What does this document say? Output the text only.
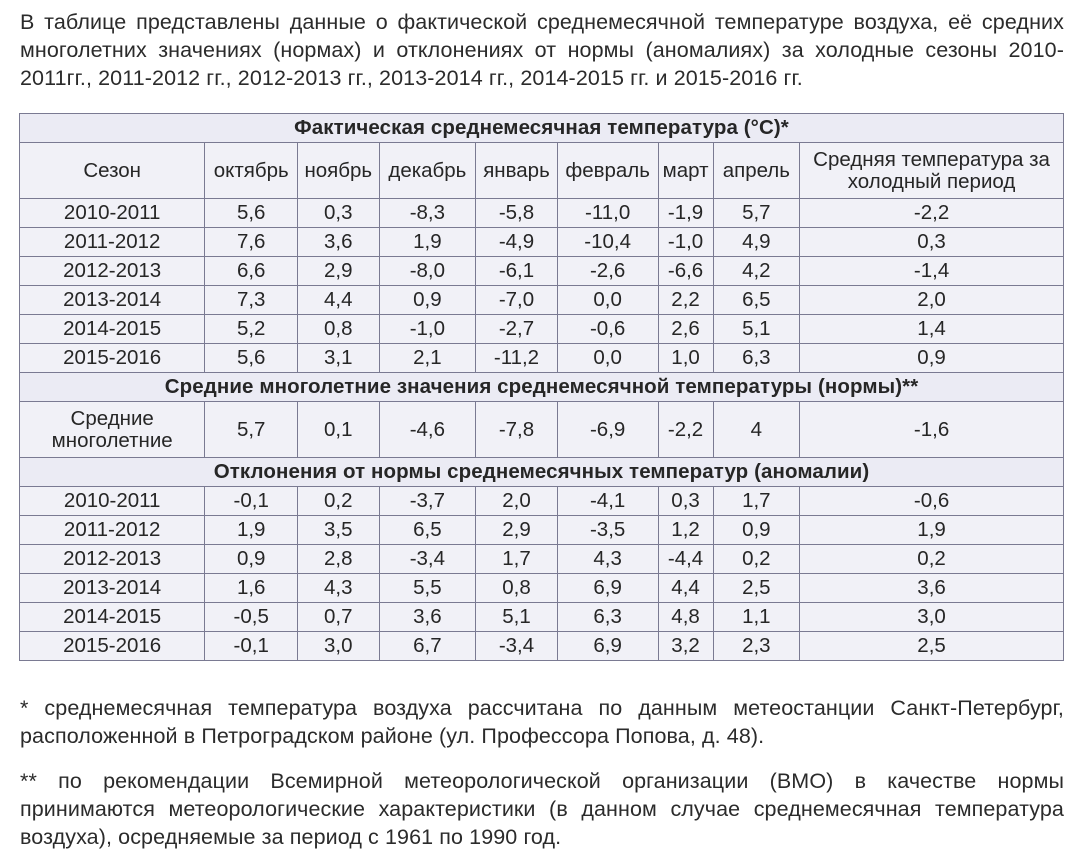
В таблице представлены данные о фактической среднемесячной температуре воздуха, её средних многолетних значениях (нормах) и отклонениях от нормы (аномалиях) за холодные сезоны 2010-2011гг., 2011-2012 гг., 2012-2013 гг., 2013-2014 гг., 2014-2015 гг. и 2015-2016 гг.

Фактическая среднемесячная температура (°С)*								
Сезон	октябрь	ноябрь	декабрь	январь	февраль	март	апрель	Средняя температура за холодный период
2010-2011	5,6	0,3	-8,3	-5,8	-11,0	-1,9	5,7	-2,2
2011-2012	7,6	3,6	1,9	-4,9	-10,4	-1,0	4,9	0,3
2012-2013	6,6	2,9	-8,0	-6,1	-2,6	-6,6	4,2	-1,4
2013-2014	7,3	4,4	0,9	-7,0	0,0	2,2	6,5	2,0
2014-2015	5,2	0,8	-1,0	-2,7	-0,6	2,6	5,1	1,4
2015-2016	5,6	3,1	2,1	-11,2	0,0	1,0	6,3	0,9
Средние многолетние значения среднемесячной температуры (нормы)**								
Средние многолетние	5,7	0,1	-4,6	-7,8	-6,9	-2,2	4	-1,6
Отклонения от нормы среднемесячных температур (аномалии)								
2010-2011	-0,1	0,2	-3,7	2,0	-4,1	0,3	1,7	-0,6
2011-2012	1,9	3,5	6,5	2,9	-3,5	1,2	0,9	1,9
2012-2013	0,9	2,8	-3,4	1,7	4,3	-4,4	0,2	0,2
2013-2014	1,6	4,3	5,5	0,8	6,9	4,4	2,5	3,6
2014-2015	-0,5	0,7	3,6	5,1	6,3	4,8	1,1	3,0
2015-2016	-0,1	3,0	6,7	-3,4	6,9	3,2	2,3	2,5

* среднемесячная температура воздуха рассчитана по данным метеостанции Санкт-Петербург, расположенной в Петроградском районе (ул. Профессора Попова, д. 48).

** по рекомендации Всемирной метеорологической организации (ВМО) в качестве нормы принимаются метеорологические характеристики (в данном случае среднемесячная температура воздуха), осредняемые за период с 1961 по 1990 год.
